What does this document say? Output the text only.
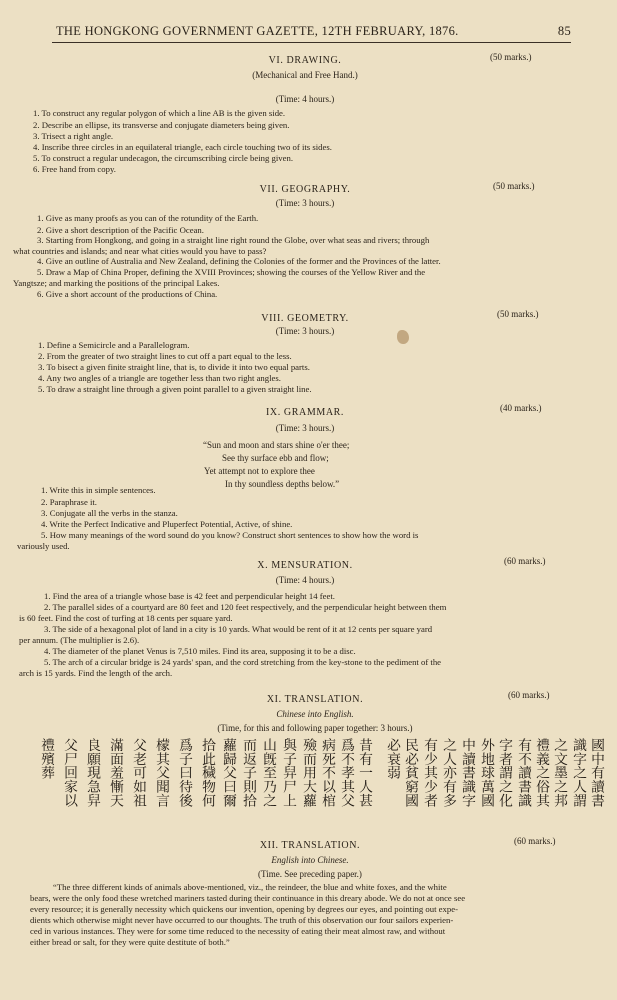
THE HONGKONG GOVERNMENT GAZETTE, 12TH FEBRUARY, 1876.	85
VI. DRAWING.	(50 marks.)
(Mechanical and Free Hand.)
(Time: 4 hours.)
1. To construct any regular polygon of which a line AB is the given side.
2. Describe an ellipse, its transverse and conjugate diameters being given.
3. Trisect a right angle.
4. Inscribe three circles in an equilateral triangle, each circle touching two of its sides.
5. To construct a regular undecagon, the circumscribing circle being given.
6. Free hand from copy.
VII. GEOGRAPHY.	(50 marks.)
(Time: 3 hours.)
1. Give as many proofs as you can of the rotundity of the Earth.
2. Give a short description of the Pacific Ocean.
3. Starting from Hongkong, and going in a straight line right round the Globe, over what seas and rivers; through
what countries and islands; and near what cities would you have to pass?
4. Give an outline of Australia and New Zealand, defining the Colonies of the former and the Provinces of the latter.
5. Draw a Map of China Proper, defining the XVIII Provinces; showing the courses of the Yellow River and the
Yangtsze; and marking the positions of the principal Lakes.
6. Give a short account of the productions of China.
VIII. GEOMETRY.	(50 marks.)
(Time: 3 hours.)
1. Define a Semicircle and a Parallelogram.
2. From the greater of two straight lines to cut off a part equal to the less.
3. To bisect a given finite straight line, that is, to divide it into two equal parts.
4. Any two angles of a triangle are together less than two right angles.
5. To draw a straight line through a given point parallel to a given straight line.
IX. GRAMMAR.	(40 marks.)
(Time: 3 hours.)
“Sun and moon and stars shine o'er thee;
See thy surface ebb and flow;
Yet attempt not to explore thee
In thy soundless depths below.”
1. Write this in simple sentences.
2. Paraphrase it.
3. Conjugate all the verbs in the stanza.
4. Write the Perfect Indicative and Pluperfect Potential, Active, of shine.
5. How many meanings of the word sound do you know? Construct short sentences to show how the word is
variously used.
X. MENSURATION.	(60 marks.)
(Time: 4 hours.)
1. Find the area of a triangle whose base is 42 feet and perpendicular height 14 feet.
2. The parallel sides of a courtyard are 80 feet and 120 feet respectively, and the perpendicular height between them
is 60 feet. Find the cost of turfing at 18 cents per square yard.
3. The side of a hexagonal plot of land in a city is 10 yards. What would be rent of it at 12 cents per square yard
per annum. (The multiplier is 2.6).
4. The diameter of the planet Venus is 7,510 miles. Find its area, supposing it to be a disc.
5. The arch of a circular bridge is 24 yards' span, and the cord stretching from the key-stone to the pediment of the
arch is 15 yards. Find the length of the arch.
XI. TRANSLATION.	(60 marks.)
Chinese into English.
(Time, for this and following paper together: 3 hours.)
國中有讀書
識字之人謂
之文墨之邦
禮義之俗其
有不讀書識
字者謂之化
外地球萬國
中讀書識字
之人亦有多
有少其少者
民必貧窮國
必衰弱
昔有一人甚
爲不孝其父
病死不以棺
殮而用大蘿
與子舁尸上
山旣至乃之
而返子則拾
蘿歸父曰爾
拾此穢物何
爲子曰待後
檬其父聞言
父老可如祖
滿面羞慚天
良願現急舁
父尸回家以
禮殯葬
XII. TRANSLATION.	(60 marks.)
English into Chinese.
(Time. See preceding paper.)
“The three different kinds of animals above-mentioned, viz., the reindeer, the blue and white foxes, and the white
bears, were the only food these wretched mariners tasted during their continuance in this dreary abode. We do not at once see
every resource; it is generally necessity which quickens our invention, opening by degrees our eyes, and pointing out expe-
dients which otherwise might never have occurred to our thoughts. The truth of this observation our four sailors experien-
ced in various instances. They were for some time reduced to the necessity of eating their meat almost raw, and without
either bread or salt, for they were quite destitute of both.”
